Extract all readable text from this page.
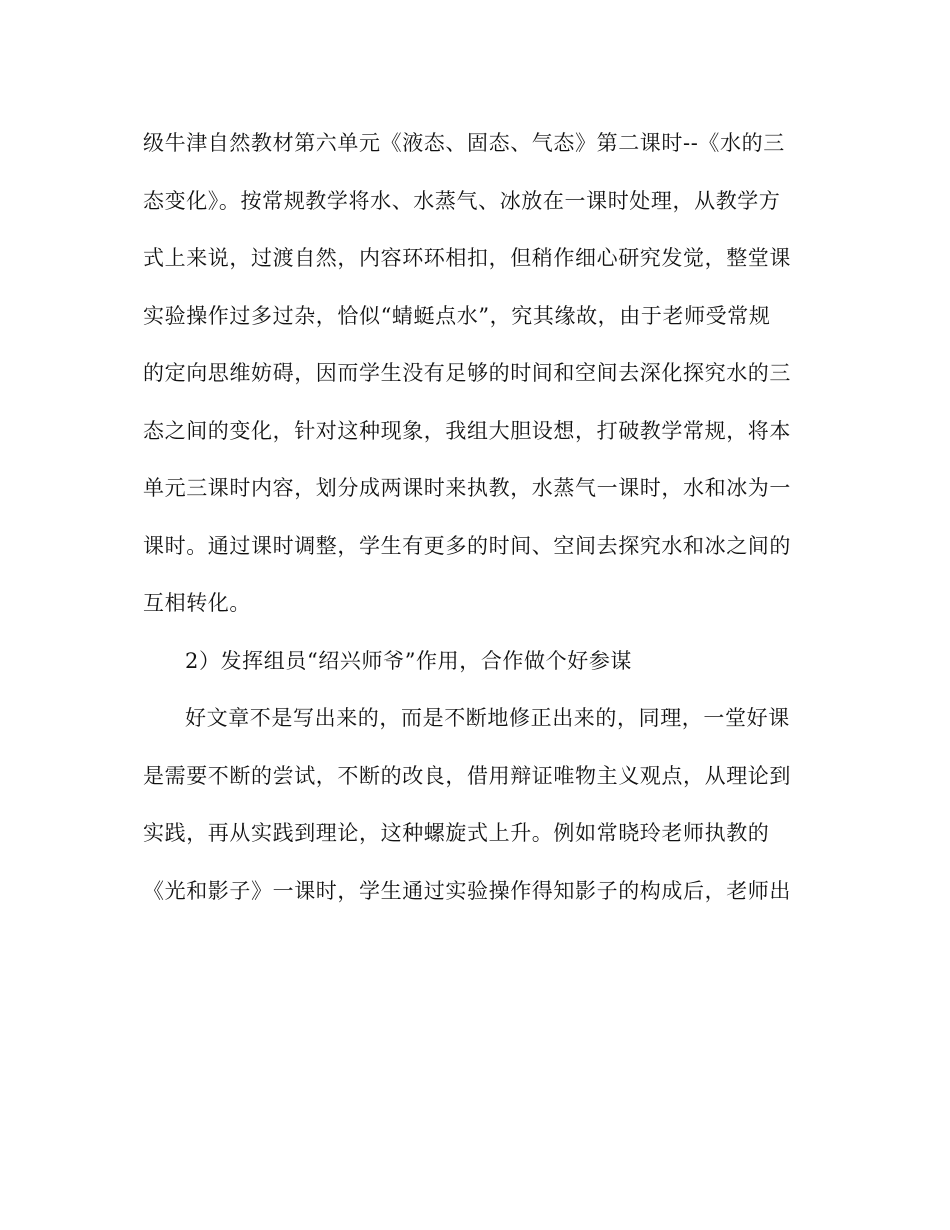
级牛津自然教材第六单元《液态、固态、气态》第二课时--《水的三
态变化》。按常规教学将水、水蒸气、冰放在一课时处理，从教学方
式上来说，过渡自然，内容环环相扣，但稍作细心研究发觉，整堂课
实验操作过多过杂，恰似“蜻蜓点水”，究其缘故，由于老师受常规
的定向思维妨碍，因而学生没有足够的时间和空间去深化探究水的三
态之间的变化，针对这种现象，我组大胆设想，打破教学常规，将本
单元三课时内容，划分成两课时来执教，水蒸气一课时，水和冰为一
课时。通过课时调整，学生有更多的时间、空间去探究水和冰之间的
互相转化。
2）发挥组员“绍兴师爷”作用，合作做个好参谋
好文章不是写出来的，而是不断地修正出来的，同理，一堂好课
是需要不断的尝试，不断的改良，借用辩证唯物主义观点，从理论到
实践，再从实践到理论，这种螺旋式上升。例如常晓玲老师执教的
《光和影子》一课时，学生通过实验操作得知影子的构成后，老师出
